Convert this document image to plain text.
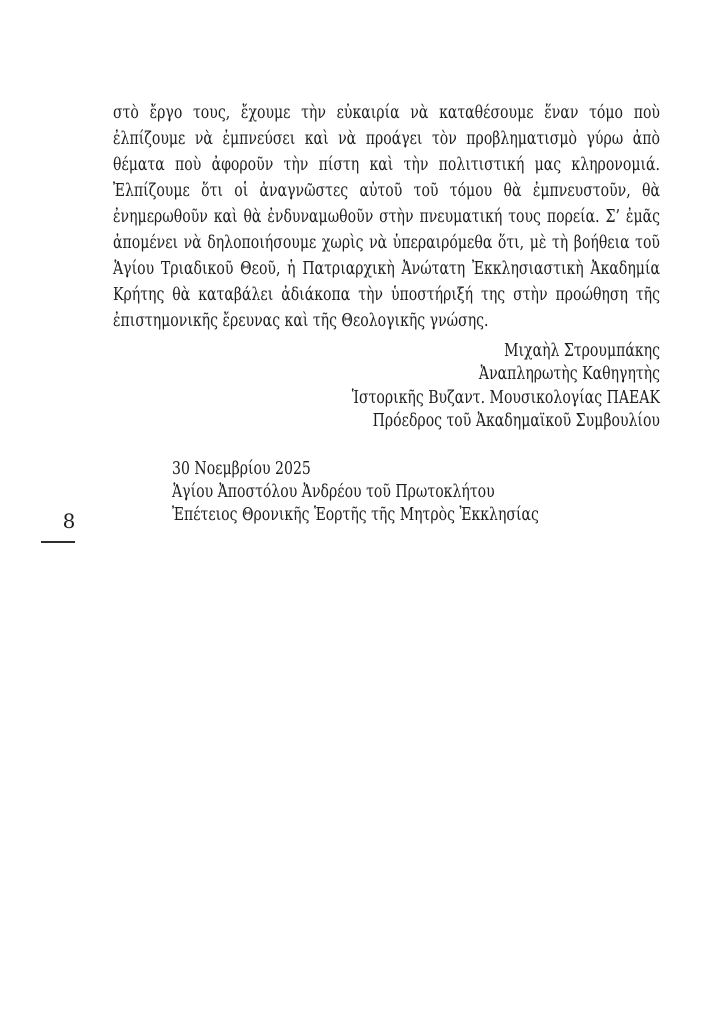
στὸ ἔργο τους, ἔχουμε τὴν εὐκαιρία νὰ καταθέσουμε ἕναν τόμο ποὺ
ἐλπίζουμε νὰ ἐμπνεύσει καὶ νὰ προάγει τὸν προβληματισμὸ γύρω ἀπὸ
θέματα ποὺ ἀφοροῦν τὴν πίστη καὶ τὴν πολιτιστική μας κληρονομιά.
Ἐλπίζουμε ὅτι οἱ ἀναγνῶστες αὐτοῦ τοῦ τόμου θὰ ἐμπνευστοῦν, θὰ
ἐνημερωθοῦν καὶ θὰ ἐνδυναμωθοῦν στὴν πνευματική τους πορεία. Σ’ ἐμᾶς
ἀπομένει νὰ δηλοποιήσουμε χωρὶς νὰ ὑπεραιρόμεθα ὅτι, μὲ τὴ βοήθεια τοῦ
Ἁγίου Τριαδικοῦ Θεοῦ, ἡ Πατριαρχικὴ Ἀνώτατη Ἐκκλησιαστικὴ Ἀκαδημία
Κρήτης θὰ καταβάλει ἀδιάκοπα τὴν ὑποστήριξή της στὴν προώθηση τῆς
ἐπιστημονικῆς ἔρευνας καὶ τῆς Θεολογικῆς γνώσης.
Μιχαὴλ Στρουμπάκης
Ἀναπληρωτὴς Καθηγητὴς
Ἱστορικῆς Βυζαντ. Μουσικολογίας ΠΑΕΑΚ
Πρόεδρος τοῦ Ἀκαδημαϊκοῦ Συμβουλίου
30 Νοεμβρίου 2025
Ἁγίου Ἀποστόλου Ἀνδρέου τοῦ Πρωτοκλήτου
Ἐπέτειος Θρονικῆς Ἑορτῆς τῆς Μητρὸς Ἐκκλησίας
8
